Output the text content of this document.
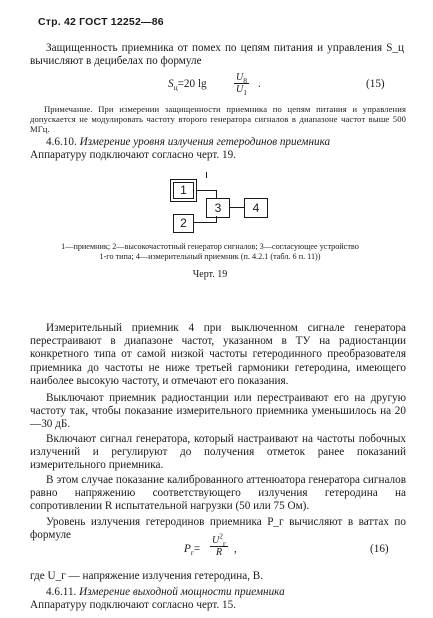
Стр. 42 ГОСТ 12252—86
Защищенность приемника от помех по цепям питания и управления S_ц вычисляют в децибелах по формуле
$S_ц=20$ lg	$\frac{U_8}{U_1}$ .	(15)
Примечание. При измерении защищенности приемника по цепям питания и управления допускается не модулировать частоту второго генератора сигналов в диапазоне частот выше 500 МГц.
4.6.10. Измерение уровня излучения гетеродинов приемника
Аппаратуру подключают согласно черт. 19.
1
2
3	4
1—приемник; 2—высокочастотный генератор сигналов; 3—согласующее устройство 1-го типа; 4—измерительный приемник (п. 4.2.1 (табл. 6 п. 11))
Черт. 19
Измерительный приемник 4 при выключенном сигнале генератора перестраивают в диапазоне частот, указанном в ТУ на радиостанции конкретного типа от самой низкой частоты гетеродинного преобразователя приемника до частоты не ниже третьей гармоники гетеродина, имеющего наиболее высокую частоту, и отмечают его показания.
Выключают приемник радиостанции или перестраивают его на другую частоту так, чтобы показание измерительного приемника уменьшилось на 20—30 дБ.
Включают сигнал генератора, который настраивают на частоты побочных излучений и регулируют до получения отметок ранее показаний измерительного приемника.
В этом случае показание калиброванного аттенюатора генератора сигналов равно напряжению соответствующего излучения гетеродина на сопротивлении R испытательной нагрузки (50 или 75 Ом).
Уровень излучения гетеродинов приемника P_г вычисляют в ваттах по формуле
$P_г=$
$U^2_г$
R	,	(16)
где U_г — напряжение излучения гетеродина, В.
4.6.11. Измерение выходной мощности приемника
Аппаратуру подключают согласно черт. 15.
